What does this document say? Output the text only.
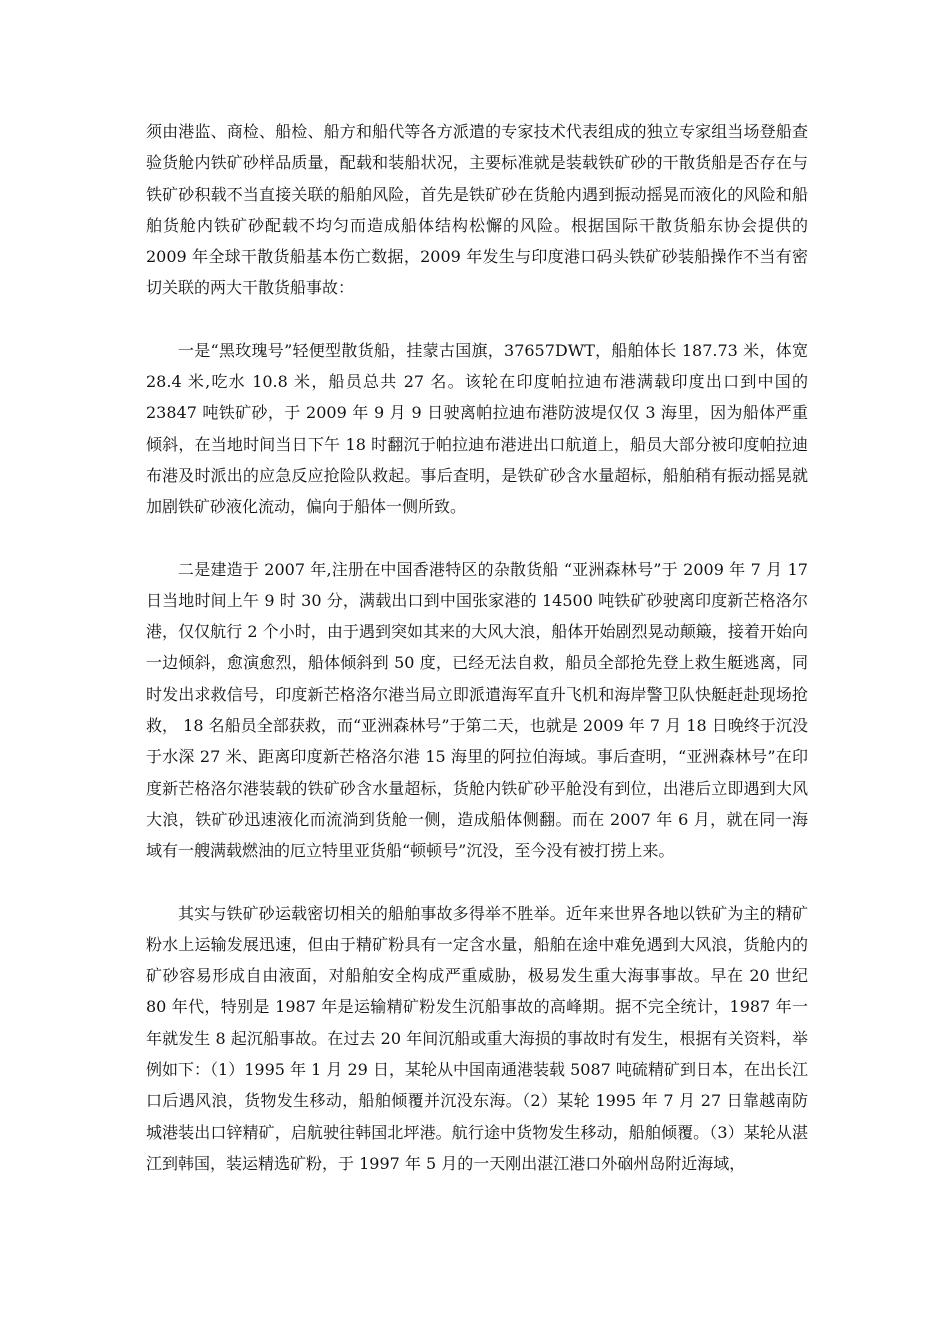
须由港监、商检、船检、船方和船代等各方派遣的专家技术代表组成的独立专家组当场登船查验货舱内铁矿砂样品质量，配载和装船状况，主要标准就是装载铁矿砂的干散货船是否存在与铁矿砂积载不当直接关联的船舶风险，首先是铁矿砂在货舱内遇到振动摇晃而液化的风险和船舶货舱内铁矿砂配载不均匀而造成船体结构松懈的风险。根据国际干散货船东协会提供的 2009 年全球干散货船基本伤亡数据，2009 年发生与印度港口码头铁矿砂装船操作不当有密切关联的两大干散货船事故：

一是“黑玫瑰号”轻便型散货船，挂蒙古国旗，37657DWT，船舶体长 187.73 米，体宽 28.4 米,吃水 10.8 米，船员总共 27 名。该轮在印度帕拉迪布港满载印度出口到中国的 23847 吨铁矿砂，于 2009 年 9 月 9 日驶离帕拉迪布港防波堤仅仅 3 海里，因为船体严重倾斜，在当地时间当日下午 18 时翻沉于帕拉迪布港进出口航道上，船员大部分被印度帕拉迪布港及时派出的应急反应抢险队救起。事后查明，是铁矿砂含水量超标，船舶稍有振动摇晃就加剧铁矿砂液化流动，偏向于船体一侧所致。

二是建造于 2007 年,注册在中国香港特区的杂散货船 “亚洲森林号”于 2009 年 7 月 17 日当地时间上午 9 时 30 分，满载出口到中国张家港的 14500 吨铁矿砂驶离印度新芒格洛尔港，仅仅航行 2 个小时，由于遇到突如其来的大风大浪，船体开始剧烈晃动颠簸，接着开始向一边倾斜，愈演愈烈，船体倾斜到 50 度，已经无法自救，船员全部抢先登上救生艇逃离，同时发出求救信号，印度新芒格洛尔港当局立即派遣海军直升飞机和海岸警卫队快艇赶赴现场抢救， 18 名船员全部获救，而“亚洲森林号”于第二天，也就是 2009 年 7 月 18 日晚终于沉没于水深 27 米、距离印度新芒格洛尔港 15 海里的阿拉伯海域。事后查明，“亚洲森林号”在印度新芒格洛尔港装载的铁矿砂含水量超标，货舱内铁矿砂平舱没有到位，出港后立即遇到大风大浪，铁矿砂迅速液化而流淌到货舱一侧，造成船体侧翻。而在 2007 年 6 月，就在同一海域有一艘满载燃油的厄立特里亚货船“顿顿号”沉没，至今没有被打捞上来。

其实与铁矿砂运载密切相关的船舶事故多得举不胜举。近年来世界各地以铁矿为主的精矿粉水上运输发展迅速，但由于精矿粉具有一定含水量，船舶在途中难免遇到大风浪，货舱内的矿砂容易形成自由液面，对船舶安全构成严重威胁，极易发生重大海事事故。早在 20 世纪 80 年代，特别是 1987 年是运输精矿粉发生沉船事故的高峰期。据不完全统计，1987 年一年就发生 8 起沉船事故。在过去 20 年间沉船或重大海损的事故时有发生，根据有关资料，举例如下：（1）1995 年 1 月 29 日，某轮从中国南通港装载 5087 吨硫精矿到日本，在出长江口后遇风浪，货物发生移动，船舶倾覆并沉没东海。（2）某轮 1995 年 7 月 27 日靠越南防城港装出口锌精矿，启航驶往韩国北坪港。航行途中货物发生移动，船舶倾覆。（3）某轮从湛江到韩国，装运精选矿粉，于 1997 年 5 月的一天刚出湛江港口外硇州岛附近海域，
